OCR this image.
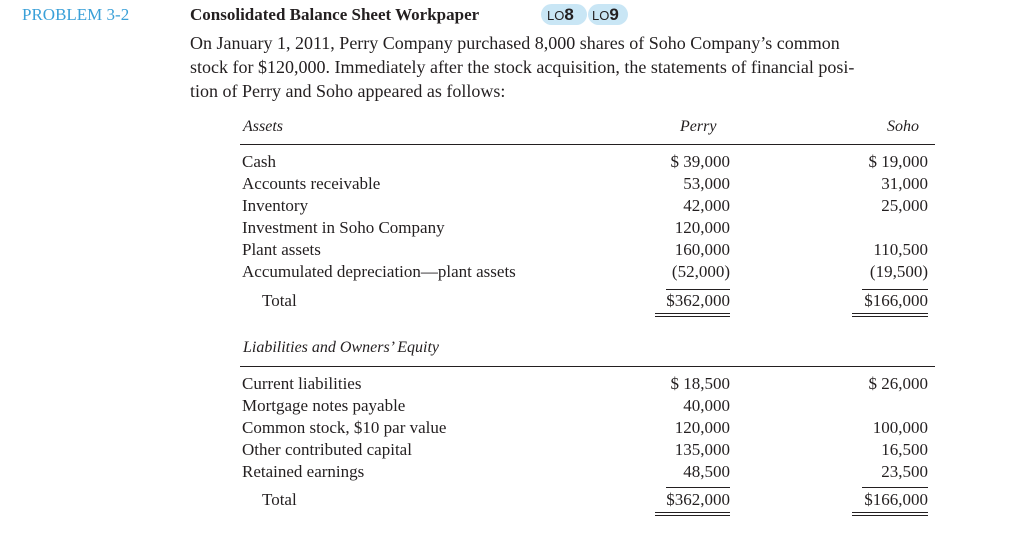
PROBLEM 3-2	Consolidated Balance Sheet Workpaper	LO8	LO9
On January 1, 2011, Perry Company purchased 8,000 shares of Soho Company’s common
stock for $120,000. Immediately after the stock acquisition, the statements of financial posi-
tion of Perry and Soho appeared as follows:
Assets	Perry	Soho
Cash	$ 39,000	$ 19,000
Accounts receivable	53,000	31,000
Inventory	42,000	25,000
Investment in Soho Company	120,000
Plant assets	160,000	110,500
Accumulated depreciation—plant assets	(52,000)	(19,500)
Total	$362,000	$166,000
Liabilities and Owners’ Equity
Current liabilities	$ 18,500	$ 26,000
Mortgage notes payable	40,000
Common stock, $10 par value	120,000	100,000
Other contributed capital	135,000	16,500
Retained earnings	48,500	23,500
Total	$362,000	$166,000
